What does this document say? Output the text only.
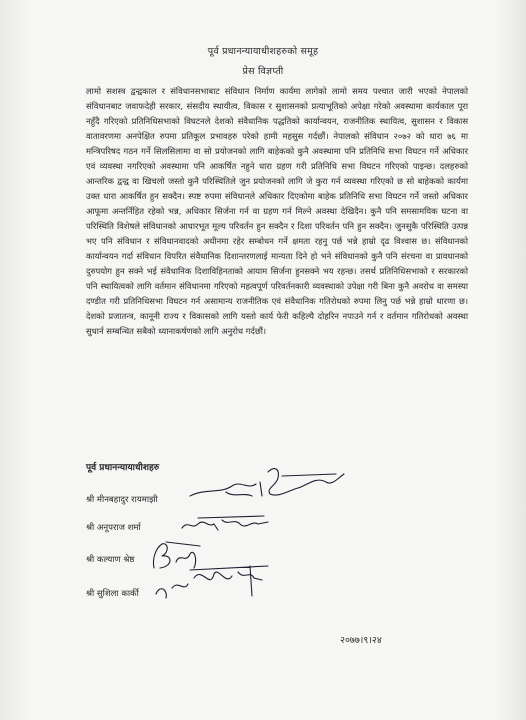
पूर्व प्रधानन्यायाधीशहरुको समूह
प्रेस विज्ञप्ती
लामो सशस्त्र द्वन्द्वकाल र संविधानसभाबाट संविधान निर्माण कार्यमा लागेको लामो समय पश्चात जारी भएको नेपालको संविधानबाट जवाफदेही सरकार, संसदीय स्थायीत्व, विकास र सुशासनको प्रत्याभूतिको अपेक्षा गरेको अवस्थामा कार्यकाल पूरा नहुँदै गरिएको प्रतिनिधिसभाको विघटनले देशको संवैधानिक पद्धतिको कार्यान्वयन, राजनीतिक स्थायित्व, सुशासन र विकास वातावरणमा अनपेक्षित रुपमा प्रतिकूल प्रभावहरु परेको हामी महसुस गर्दछौं। नेपालको संविधान २०७२ को धारा ७६ मा मन्त्रिपरिषद गठन गर्ने सिलसिलामा वा सो प्रयोजनको लागि बाहेकको कुनै अवस्थामा पनि प्रतिनिधि सभा विघटन गर्ने अधिकार एवं व्यवस्था नगरिएको अवस्थामा पनि आकर्षित नहुने धारा ग्रहण गरी प्रतिनिधि सभा विघटन गरिएको पाइन्छ। दलहरुको आन्तरिक द्वन्द्व वा खिचलो जस्तो कुनै परिस्थितिले जुन प्रयोजनको लागि जे कुरा गर्न व्यवस्था गरिएको छ सो बाहेकको कार्यमा उक्त धारा आकर्षित हुन सक्दैन। स्पष्ट रुपमा संविधानले अधिकार दिएकोमा बाहेक प्रतिनिधि सभा विघटन गर्ने जस्तो अधिकार आफूमा अन्तर्निहित रहेको भन्न, अधिकार सिर्जना गर्न वा ग्रहण गर्न मिल्ने अवस्था देखिदैन। कुनै पनि समसामयिक घटना वा परिस्थिति विशेषले संविधानको आधारभूत मूल्य परिवर्तन हुन सक्दैन र दिशा परिवर्तन पनि हुन सक्दैन। जुनसुकै परिस्थिति उत्पन्न भए पनि संविधान र संविधानवादको अधीनमा रहेर सम्बोधन गर्ने क्षमता रहनु पर्छ भन्ने हाम्रो दृढ विश्वास छ। संविधानको कार्यान्वयन गर्दा संविधान विपरित संवैधानिक दिशान्तरणलाई मान्यता दिने हो भने संविधानको कुनै पनि संरचना वा प्रावधानको दुरुपयोग हुन सक्ने भई संवैधानिक दिशाविहिनताको आयाम सिर्जना हुनसक्ने भय रहन्छ। तसर्थ प्रतिनिधिसभाको र सरकारको पनि स्थायित्वको लागि वर्तमान संविधानमा गरिएको महत्वपूर्ण परिवर्तनकारी व्यवस्थाको उपेक्षा गरी बिना कुनै अवरोध वा समस्या दण्डीत गरी प्रतिनिधिसभा विघटन गर्न असामान्य राजनीतिक एवं संवैधानिक गतिरोधको रुपमा लिनु पर्छ भन्ने हाम्रो धारणा छ। देशको प्रजातन्त्र, कानूनी राज्य र विकासको लागि यस्तो कार्य फेरी कहिल्यै दोहरिन नपाउने गर्न र वर्तमान गतिरोधको अवस्था सुधार्न सम्बन्धित सबैको ध्यानाकर्षणको लागि अनुरोध गर्दछौं।
पूर्व प्रधानन्यायाधीशहरु
श्री मीनबहादुर रायमाझी
श्री अनूपराज शर्मा
श्री कल्याण श्रेष्ठ
श्री सुशिला कार्की
२०७७।९।२४
